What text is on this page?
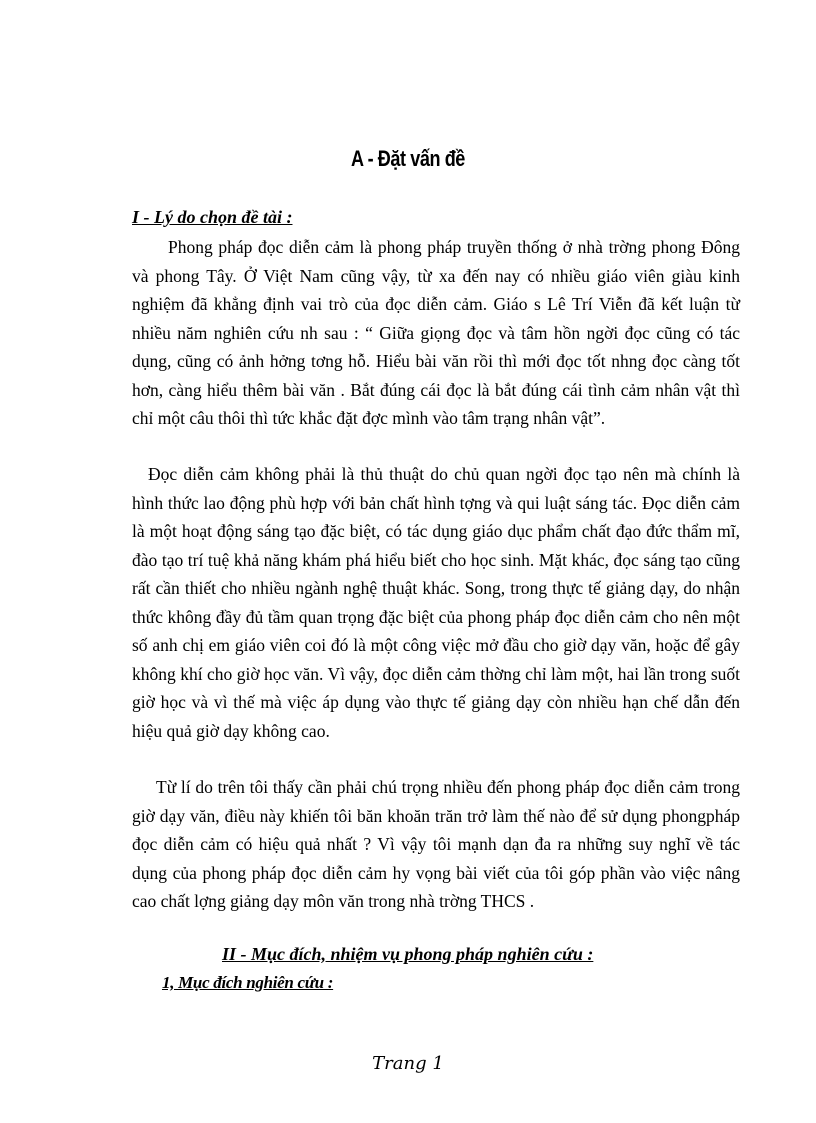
A - Đặt vấn đề
I - Lý do chọn đề tài :
Phong pháp đọc diễn cảm là phong pháp truyền thống ở nhà trờng phong Đông và phong Tây. Ở Việt Nam cũng vậy, từ xa đến nay có nhiều giáo viên giàu kinh nghiệm đã khẳng định vai trò của đọc diễn cảm. Giáo s Lê Trí Viễn đã kết luận từ nhiều năm nghiên cứu nh sau : “ Giữa giọng đọc và tâm hồn ngời đọc cũng có tác dụng, cũng có ảnh hởng tơng hỗ. Hiểu bài văn rồi thì mới đọc tốt nhng đọc càng tốt hơn, càng hiểu thêm bài văn . Bắt đúng cái đọc là bắt đúng cái tình cảm nhân vật thì chỉ một câu thôi thì tức khắc đặt đợc mình vào tâm trạng nhân vật”.
Đọc diễn cảm không phải là thủ thuật do chủ quan ngời đọc tạo nên mà chính là hình thức lao động phù hợp với bản chất hình tợng và qui luật sáng tác. Đọc diễn cảm là một hoạt động sáng tạo đặc biệt, có tác dụng giáo dục phẩm chất đạo đức thẩm mĩ, đào tạo trí tuệ khả năng khám phá hiểu biết cho học sinh. Mặt khác, đọc sáng tạo cũng rất cần thiết cho nhiều ngành nghệ thuật khác. Song, trong thực tế giảng dạy, do nhận thức không đầy đủ tầm quan trọng đặc biệt của phong pháp đọc diễn cảm cho nên một số anh chị em giáo viên coi đó là một công việc mở đầu cho giờ dạy văn, hoặc để gây không khí cho giờ học văn. Vì vậy, đọc diễn cảm thờng chỉ làm một, hai lần trong suốt giờ học và vì thế mà việc áp dụng vào thực tế giảng dạy còn nhiều hạn chế dẫn đến hiệu quả giờ dạy không cao.
Từ lí do trên tôi thấy cần phải chú trọng nhiều đến phong pháp đọc diễn cảm trong giờ dạy văn, điều này khiến tôi băn khoăn trăn trở làm thế nào để sử dụng phongpháp đọc diễn cảm có hiệu quả nhất ? Vì vậy tôi mạnh dạn đa ra những suy nghĩ về tác dụng của phong pháp đọc diễn cảm hy vọng bài viết của tôi góp phần vào việc nâng cao chất lợng giảng dạy môn văn trong nhà trờng THCS .
II - Mục đích, nhiệm vụ phong pháp nghiên cứu :
1, Mục đích nghiên cứu :
Trang 1
